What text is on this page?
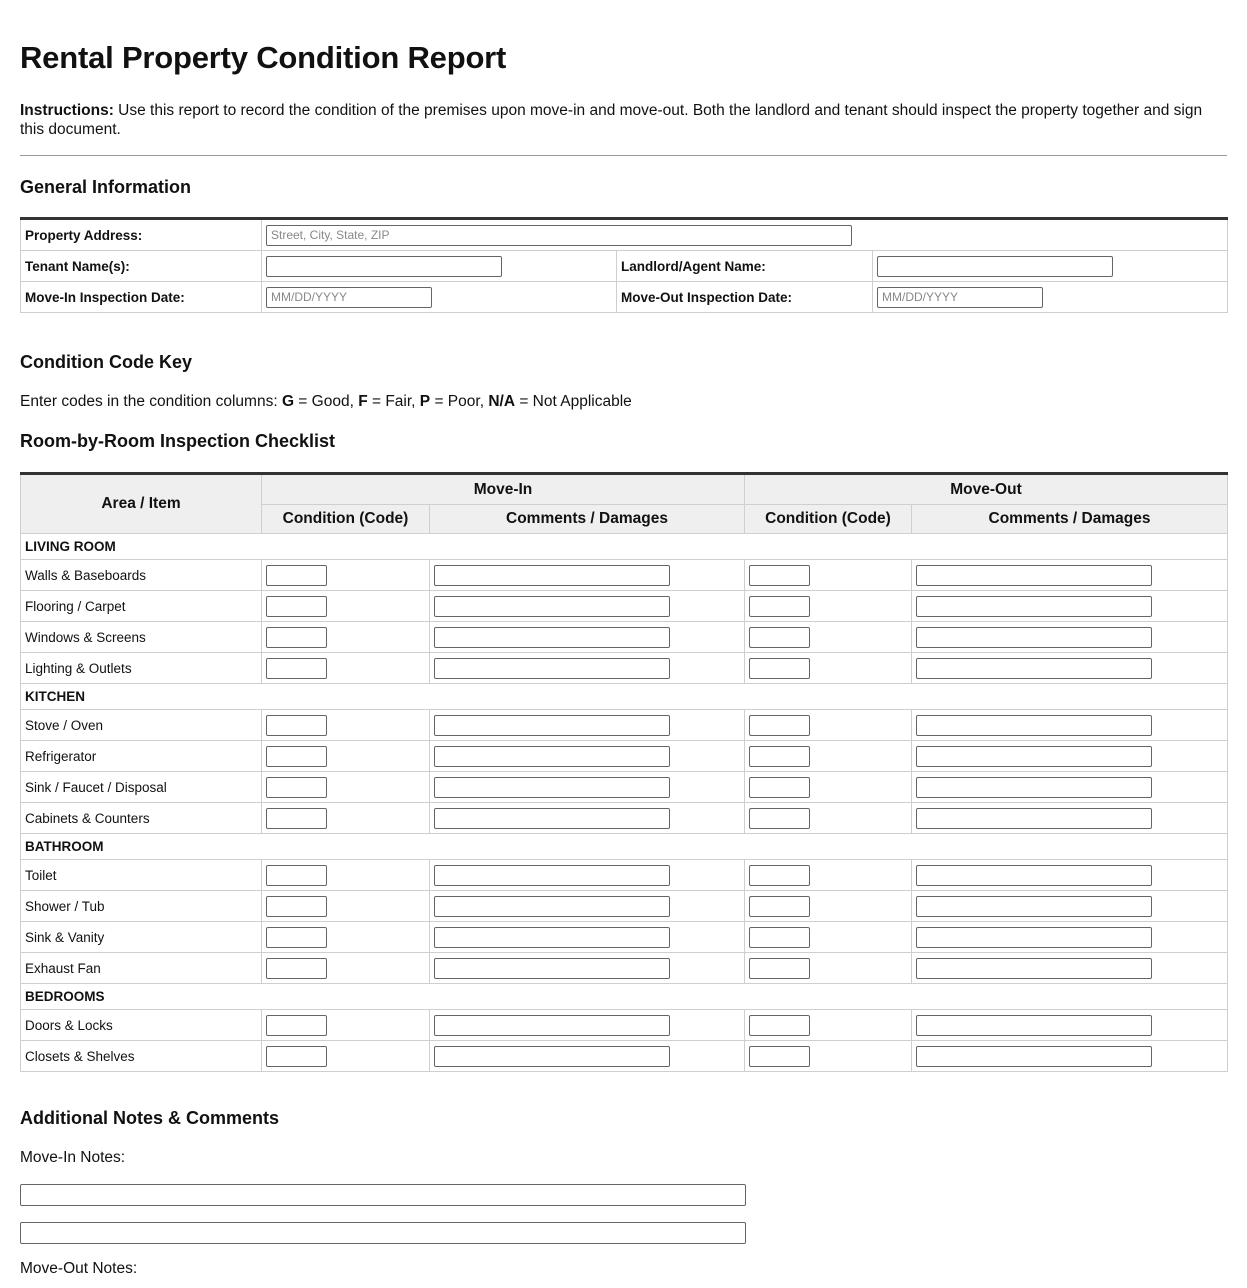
Rental Property Condition Report
Instructions: Use this report to record the condition of the premises upon move-in and move-out. Both the landlord and tenant should inspect the property together and sign this document.
General Information
Property Address:	Street, City, State, ZIP
Tenant Name(s):		Landlord/Agent Name:	
Move-In Inspection Date:	MM/DD/YYYY	Move-Out Inspection Date:	MM/DD/YYYY
Condition Code Key
Enter codes in the condition columns: G = Good, F = Fair, P = Poor, N/A = Not Applicable
Room-by-Room Inspection Checklist
Area / Item	Move-In		Move-Out	
	Condition (Code)	Comments / Damages	Condition (Code)	Comments / Damages
LIVING ROOM				
Walls & Baseboards				
Flooring / Carpet				
Windows & Screens				
Lighting & Outlets				
KITCHEN				
Stove / Oven				
Refrigerator				
Sink / Faucet / Disposal				
Cabinets & Counters				
BATHROOM				
Toilet				
Shower / Tub				
Sink & Vanity				
Exhaust Fan				
BEDROOMS				
Doors & Locks				
Closets & Shelves				
Additional Notes & Comments
Move-In Notes:
Move-Out Notes:
